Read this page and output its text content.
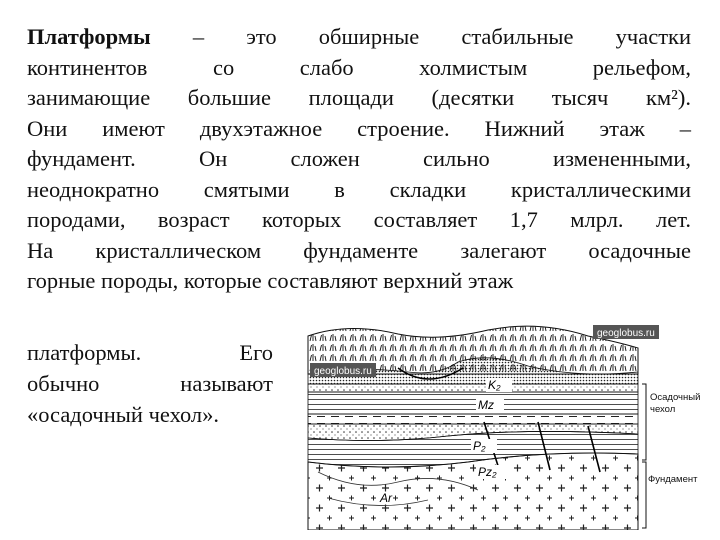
Платформы – это обширные стабильные участки
континентов со слабо холмистым рельефом,
занимающие большие площади (десятки тысяч км²).
Они имеют двухэтажное строение. Нижний этаж –
фундамент. Он сложен сильно измененными,
неоднократно смятыми в складки кристаллическими
породами, возраст которых составляет 1,7 млрл. лет.
На кристаллическом фундаменте залегают осадочные
горные породы, которые составляют верхний этаж
платформы. Его
обычно называют
«осадочный чехол».
geoglobus.ru
geoglobus.ru
K₂
Mz
P₂
Pz₂
Ar
Осадочный
чехол
Фундамент
